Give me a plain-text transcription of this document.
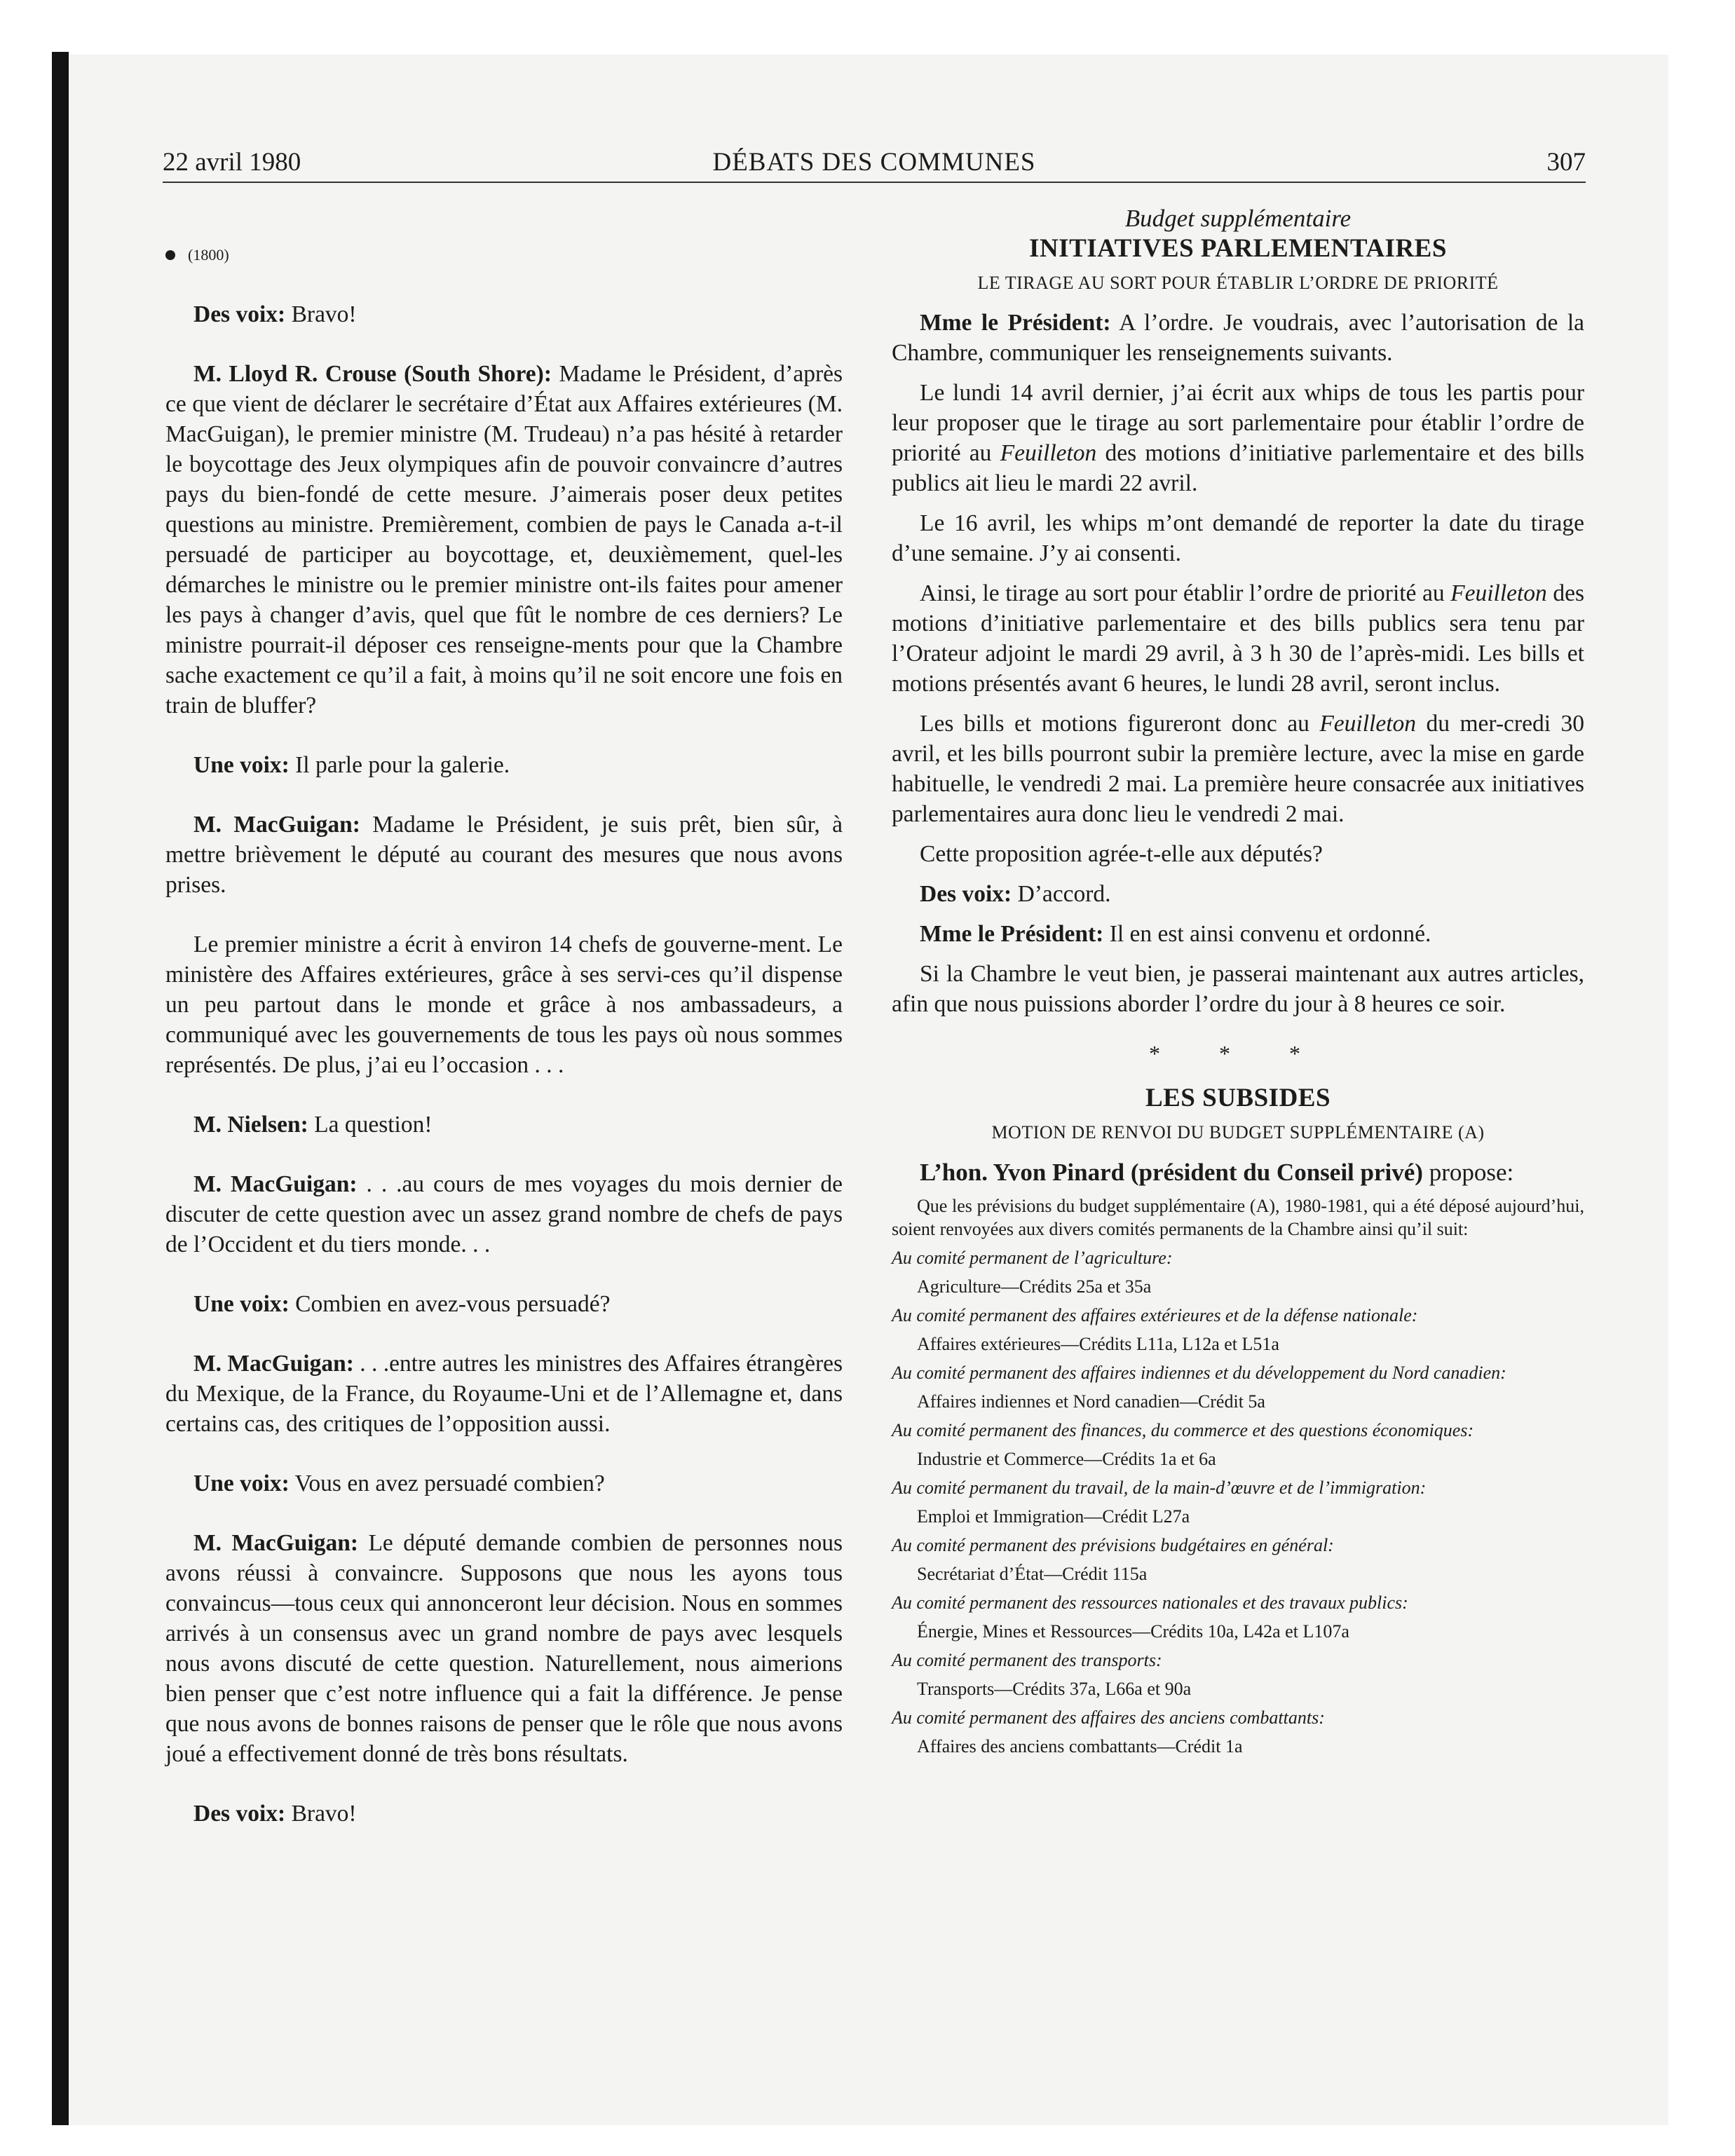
22 avril 1980	DÉBATS DES COMMUNES	307
(1800)

Des voix: Bravo!

M. Lloyd R. Crouse (South Shore): Madame le Président, d’après ce que vient de déclarer le secrétaire d’État aux Affaires extérieures (M. MacGuigan), le premier ministre (M. Trudeau) n’a pas hésité à retarder le boycottage des Jeux olympiques afin de pouvoir convaincre d’autres pays du bien-fondé de cette mesure. J’aimerais poser deux petites questions au ministre. Premièrement, combien de pays le Canada a-t-il persuadé de participer au boycottage, et, deuxièmement, quel-les démarches le ministre ou le premier ministre ont-ils faites pour amener les pays à changer d’avis, quel que fût le nombre de ces derniers? Le ministre pourrait-il déposer ces renseigne-ments pour que la Chambre sache exactement ce qu’il a fait, à moins qu’il ne soit encore une fois en train de bluffer?

Une voix: Il parle pour la galerie.

M. MacGuigan: Madame le Président, je suis prêt, bien sûr, à mettre brièvement le député au courant des mesures que nous avons prises.

Le premier ministre a écrit à environ 14 chefs de gouverne-ment. Le ministère des Affaires extérieures, grâce à ses servi-ces qu’il dispense un peu partout dans le monde et grâce à nos ambassadeurs, a communiqué avec les gouvernements de tous les pays où nous sommes représentés. De plus, j’ai eu l’occasion . . .

M. Nielsen: La question!

M. MacGuigan: . . .au cours de mes voyages du mois dernier de discuter de cette question avec un assez grand nombre de chefs de pays de l’Occident et du tiers monde. . .

Une voix: Combien en avez-vous persuadé?

M. MacGuigan: . . .entre autres les ministres des Affaires étrangères du Mexique, de la France, du Royaume-Uni et de l’Allemagne et, dans certains cas, des critiques de l’opposition aussi.

Une voix: Vous en avez persuadé combien?

M. MacGuigan: Le député demande combien de personnes nous avons réussi à convaincre. Supposons que nous les ayons tous convaincus—tous ceux qui annonceront leur décision. Nous en sommes arrivés à un consensus avec un grand nombre de pays avec lesquels nous avons discuté de cette question. Naturellement, nous aimerions bien penser que c’est notre influence qui a fait la différence. Je pense que nous avons de bonnes raisons de penser que le rôle que nous avons joué a effectivement donné de très bons résultats.

Des voix: Bravo!

Budget supplémentaire

INITIATIVES PARLEMENTAIRES

LE TIRAGE AU SORT POUR ÉTABLIR L’ORDRE DE PRIORITÉ

Mme le Président: A l’ordre. Je voudrais, avec l’autorisation de la Chambre, communiquer les renseignements suivants.

Le lundi 14 avril dernier, j’ai écrit aux whips de tous les partis pour leur proposer que le tirage au sort parlementaire pour établir l’ordre de priorité au Feuilleton des motions d’initiative parlementaire et des bills publics ait lieu le mardi 22 avril.

Le 16 avril, les whips m’ont demandé de reporter la date du tirage d’une semaine. J’y ai consenti.

Ainsi, le tirage au sort pour établir l’ordre de priorité au Feuilleton des motions d’initiative parlementaire et des bills publics sera tenu par l’Orateur adjoint le mardi 29 avril, à 3 h 30 de l’après-midi. Les bills et motions présentés avant 6 heures, le lundi 28 avril, seront inclus.

Les bills et motions figureront donc au Feuilleton du mer-credi 30 avril, et les bills pourront subir la première lecture, avec la mise en garde habituelle, le vendredi 2 mai. La première heure consacrée aux initiatives parlementaires aura donc lieu le vendredi 2 mai.

Cette proposition agrée-t-elle aux députés?

Des voix: D’accord.

Mme le Président: Il en est ainsi convenu et ordonné.

Si la Chambre le veut bien, je passerai maintenant aux autres articles, afin que nous puissions aborder l’ordre du jour à 8 heures ce soir.

* * *

LES SUBSIDES

MOTION DE RENVOI DU BUDGET SUPPLÉMENTAIRE (A)

L’hon. Yvon Pinard (président du Conseil privé) propose:

Que les prévisions du budget supplémentaire (A), 1980-1981, qui a été déposé aujourd’hui, soient renvoyées aux divers comités permanents de la Chambre ainsi qu’il suit:

Au comité permanent de l’agriculture:

Agriculture—Crédits 25a et 35a

Au comité permanent des affaires extérieures et de la défense nationale:

Affaires extérieures—Crédits L11a, L12a et L51a

Au comité permanent des affaires indiennes et du développement du Nord canadien:

Affaires indiennes et Nord canadien—Crédit 5a

Au comité permanent des finances, du commerce et des questions économiques:

Industrie et Commerce—Crédits 1a et 6a

Au comité permanent du travail, de la main-d’œuvre et de l’immigration:

Emploi et Immigration—Crédit L27a

Au comité permanent des prévisions budgétaires en général:

Secrétariat d’État—Crédit 115a

Au comité permanent des ressources nationales et des travaux publics:

Énergie, Mines et Ressources—Crédits 10a, L42a et L107a

Au comité permanent des transports:

Transports—Crédits 37a, L66a et 90a

Au comité permanent des affaires des anciens combattants:

Affaires des anciens combattants—Crédit 1a
